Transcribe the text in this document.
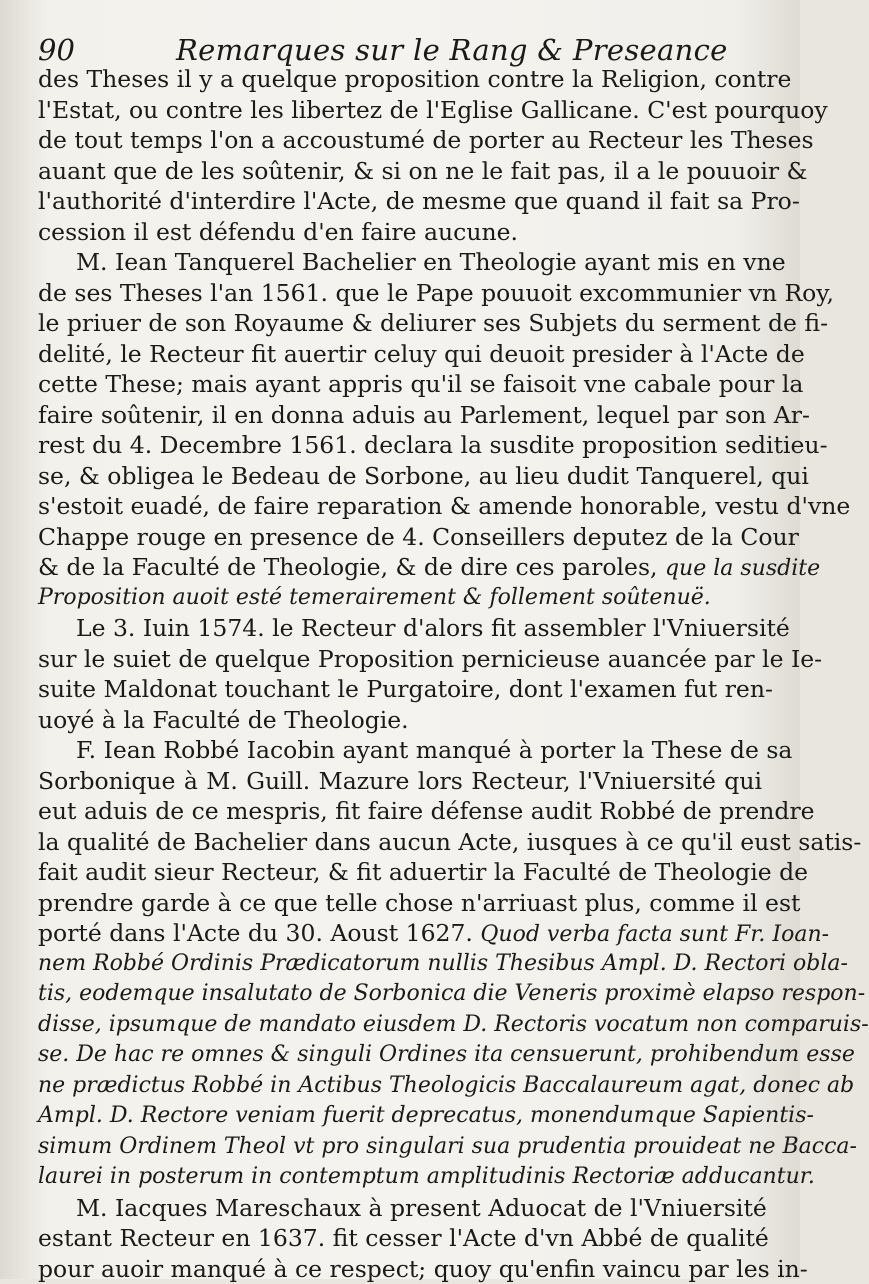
90	Remarques sur le Rang & Preseance
des Theses il y a quelque proposition contre la Religion, contre
l'Estat, ou contre les libertez de l'Eglise Gallicane. C'est pourquoy
de tout temps l'on a accoustumé de porter au Recteur les Theses
auant que de les soûtenir, & si on ne le fait pas, il a le pouuoir &
l'authorité d'interdire l'Acte, de mesme que quand il fait sa Pro-
cession il est défendu d'en faire aucune.
M. Iean Tanquerel Bachelier en Theologie ayant mis en vne
de ses Theses l'an 1561. que le Pape pouuoit excommunier vn Roy,
le priuer de son Royaume & deliurer ses Subjets du serment de fi-
delité, le Recteur fit auertir celuy qui deuoit presider à l'Acte de
cette These; mais ayant appris qu'il se faisoit vne cabale pour la
faire soûtenir, il en donna aduis au Parlement, lequel par son Ar-
rest du 4. Decembre 1561. declara la susdite proposition seditieu-
se, & obligea le Bedeau de Sorbone, au lieu dudit Tanquerel, qui
s'estoit euadé, de faire reparation & amende honorable, vestu d'vne
Chappe rouge en presence de 4. Conseillers deputez de la Cour
& de la Faculté de Theologie, & de dire ces paroles, que la susdite
Proposition auoit esté temerairement & follement soûtenuë.
Le 3. Iuin 1574. le Recteur d'alors fit assembler l'Vniuersité
sur le suiet de quelque Proposition pernicieuse auancée par le Ie-
suite Maldonat touchant le Purgatoire, dont l'examen fut ren-
uoyé à la Faculté de Theologie.
F. Iean Robbé Iacobin ayant manqué à porter la These de sa
Sorbonique à M. Guill. Mazure lors Recteur, l'Vniuersité qui
eut aduis de ce mespris, fit faire défense audit Robbé de prendre
la qualité de Bachelier dans aucun Acte, iusques à ce qu'il eust satis-
fait audit sieur Recteur, & fit aduertir la Faculté de Theologie de
prendre garde à ce que telle chose n'arriuast plus, comme il est
porté dans l'Acte du 30. Aoust 1627. Quod verba facta sunt Fr. Ioan-
nem Robbé Ordinis Prædicatorum nullis Thesibus Ampl. D. Rectori obla-
tis, eodemque insalutato de Sorbonica die Veneris proximè elapso respon-
disse, ipsumque de mandato eiusdem D. Rectoris vocatum non comparuis-
se. De hac re omnes & singuli Ordines ita censuerunt, prohibendum esse
ne prædictus Robbé in Actibus Theologicis Baccalaureum agat, donec ab
Ampl. D. Rectore veniam fuerit deprecatus, monendumque Sapientis-
simum Ordinem Theol vt pro singulari sua prudentia prouideat ne Bacca-
laurei in posterum in contemptum amplitudinis Rectoriæ adducantur.
M. Iacques Mareschaux à present Aduocat de l'Vniuersité
estant Recteur en 1637. fit cesser l'Acte d'vn Abbé de qualité
pour auoir manqué à ce respect; quoy qu'enfin vaincu par les in-
